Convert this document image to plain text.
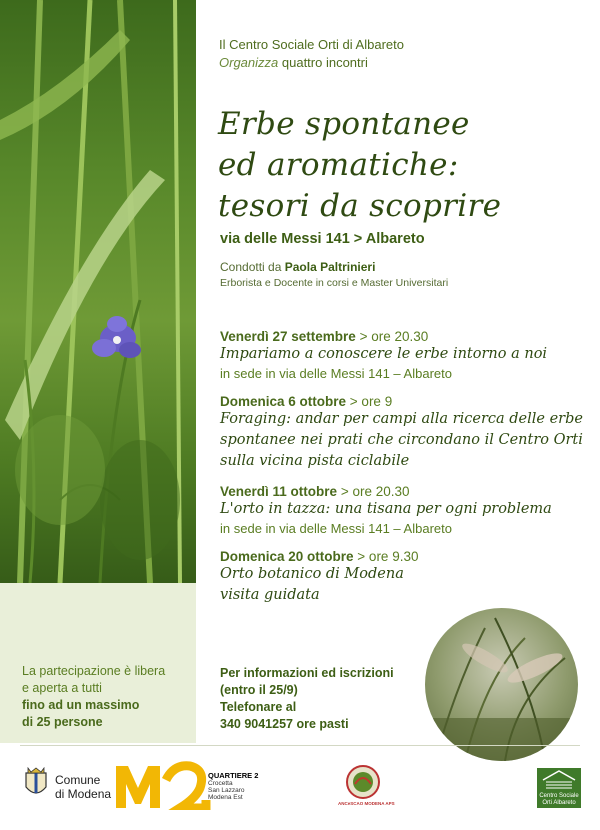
La partecipazione è libera
e aperta a tutti
fino ad un massimo
di 25 persone
Il Centro Sociale Orti di Albareto
Organizza quattro incontri
Erbe spontanee
ed aromatiche:
tesori da scoprire
via delle Messi 141 > Albareto
Condotti da Paola Paltrinieri
Erborista e Docente in corsi e Master Universitari
Venerdì 27 settembre > ore 20.30
Impariamo a conoscere le erbe intorno a noi
in sede in via delle Messi 141 – Albareto
Domenica 6 ottobre > ore 9
Foraging: andar per campi alla ricerca delle erbe spontanee nei prati che circondano il Centro Orti sulla vicina pista ciclabile
Venerdì 11 ottobre > ore 20.30
L'orto in tazza: una tisana per ogni problema
in sede in via delle Messi 141 – Albareto
Domenica 20 ottobre > ore 9.30
Orto botanico di Modena
visita guidata
Per informazioni ed iscrizioni
(entro il 25/9)
Telefonare al
340 9041257 ore pasti
Comune
di Modena
QUARTIERE 2
Crocetta
San Lazzaro
Modena Est
ANCeSCAO MODENA APS
Centro Sociale
Orti Albareto
